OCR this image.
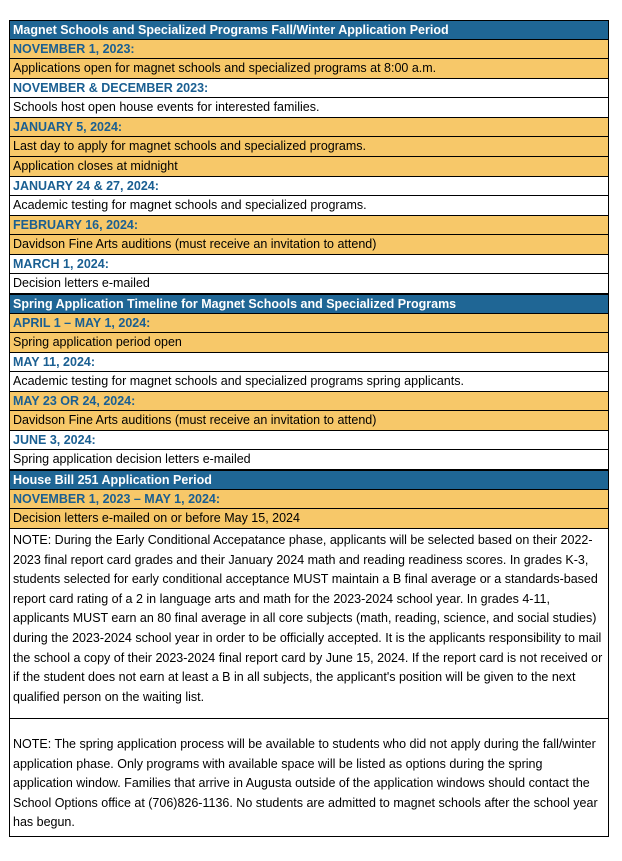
Magnet Schools and Specialized Programs Fall/Winter Application Period
NOVEMBER 1, 2023:
Applications open for magnet schools and specialized programs at 8:00 a.m.
NOVEMBER & DECEMBER 2023:
Schools host open house events for interested families.
JANUARY 5, 2024:
Last day to apply for magnet schools and specialized programs.
Application closes at midnight
JANUARY 24 & 27, 2024:
Academic testing for magnet schools and specialized programs.
FEBRUARY 16, 2024:
Davidson Fine Arts auditions (must receive an invitation to attend)
MARCH 1, 2024:
Decision letters e-mailed
Spring Application Timeline for Magnet Schools and Specialized Programs
APRIL 1 – MAY 1, 2024:
Spring application period open
MAY 11, 2024:
Academic testing for magnet schools and specialized programs spring applicants.
MAY 23 OR 24, 2024:
Davidson Fine Arts auditions (must receive an invitation to attend)
JUNE 3, 2024:
Spring application decision letters e-mailed
House Bill 251 Application Period
NOVEMBER 1, 2023 – MAY 1, 2024:
Decision letters e-mailed on or before May 15, 2024

NOTE: During the Early Conditional Accepatance phase, applicants will be selected based on their 2022-2023 final report card grades and their January 2024 math and reading readiness scores. In grades K-3, students selected for early conditional acceptance MUST maintain a B final average or a standards-based report card rating of a 2 in language arts and math for the 2023-2024 school year. In grades 4-11, applicants MUST earn an 80 final average in all core subjects (math, reading, science, and social studies) during the 2023-2024 school year in order to be officially accepted. It is the applicants responsibility to mail the school a copy of their 2023-2024 final report card by June 15, 2024. If the report card is not received or if the student does not earn at least a B in all subjects, the applicant's position will be given to the next qualified person on the waiting list.

NOTE: The spring application process will be available to students who did not apply during the fall/winter application phase. Only programs with available space will be listed as options during the spring application window. Families that arrive in Augusta outside of the application windows should contact the School Options office at (706)826-1136. No students are admitted to magnet schools after the school year has begun.
